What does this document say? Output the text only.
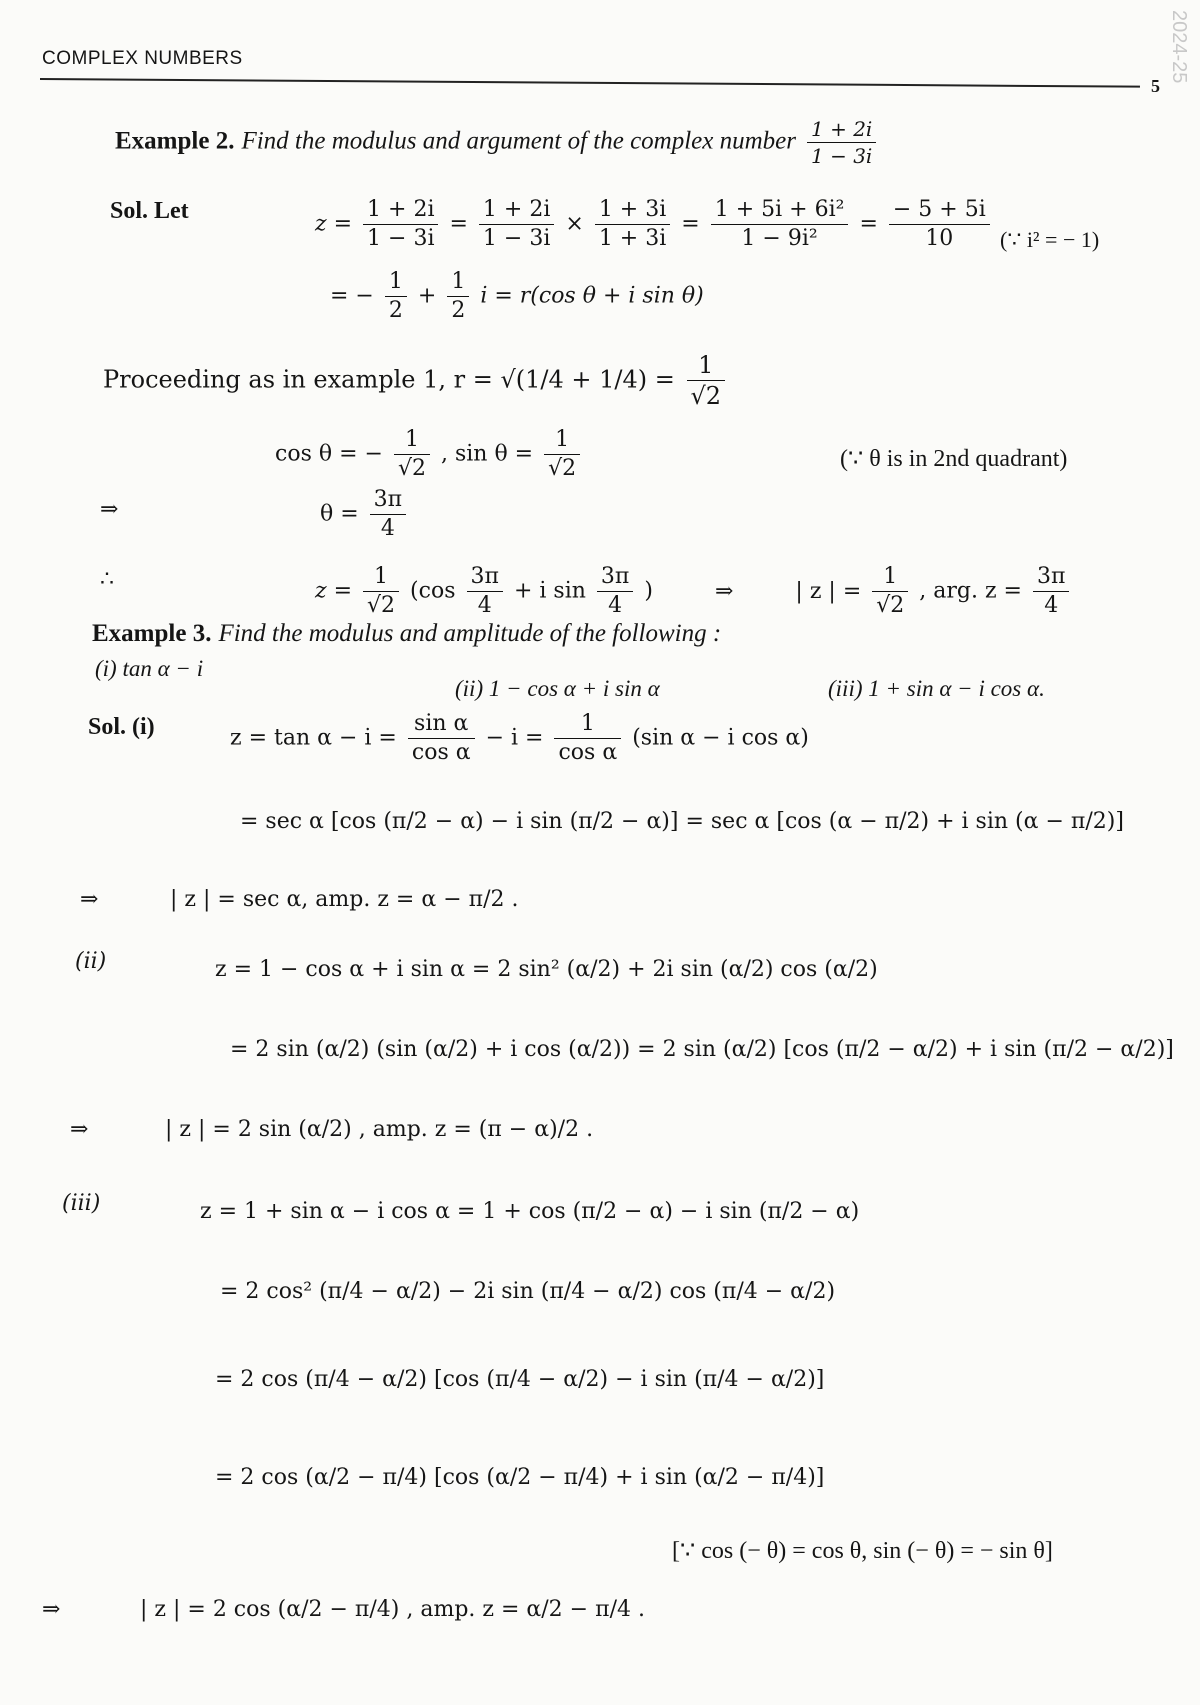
COMPLEX NUMBERS
5
2024-25
Example 2. Find the modulus and argument of the complex number $\frac{1 + 2i}{1 - 3i}$
Sol. Let
$z = \frac{1 + 2i}{1 - 3i} = \frac{1 + 2i}{1 - 3i} \times \frac{1 + 3i}{1 + 3i} = \frac{\text{1 + 5i + 6i²}}{\text{1 − 9i²}} = \frac{- 5 + 5i}{10}$ (∵ i² = − 1)
= − $\frac{1}{2} + \frac{1}{2}$ i = r(cos θ + i sin θ)
Proceeding as in example 1, $r = √(1/4 + 1/4) = \frac{1}{√2}$
cos θ = − $\frac{1}{√2}$ , $\sin \theta = \frac{1}{√2}$	(∵ θ is in 2nd quadrant)
⇒	$\theta = \frac{3\pi}{4}$
∴	$z = \frac{1}{√2} (\cos \frac{3\pi}{4} + i$ $\sin \frac{3\pi}{4}$ )	⇒	| z | = $\frac{1}{√2}$ , arg. $z = \frac{3\pi}{4}$
Example 3. Find the modulus and amplitude of the following :
(i) tan α − i
(ii) 1 − cos α + i sin α	(iii) 1 + sin α − i cos α.
Sol. (i)	$z = \tan \alpha - i = \frac{\text{sin α}}{\text{cos α}} - i = \frac{1}{\text{cos α}} (\sin$ α − i cos α)
= sec α [cos (π/2 − α) − i sin (π/2 − α)] = sec α [cos (α − π/2) + i sin (α − π/2)]
⇒	| z | = sec α, amp. z = α − π/2 .
(ii)	z = 1 − cos α + i sin α = 2 sin² (α/2) + 2i sin (α/2) cos (α/2)
= 2 sin (α/2) (sin (α/2) + i cos (α/2)) = 2 sin (α/2) [cos (π/2 − α/2) + i sin (π/2 − α/2)]
⇒	| z | = 2 sin (α/2) , amp. z = (π − α)/2 .
(iii)	z = 1 + sin α − i cos α = 1 + cos (π/2 − α) − i sin (π/2 − α)
= 2 cos² (π/4 − α/2) − 2i sin (π/4 − α/2) cos (π/4 − α/2)
= 2 cos (π/4 − α/2) [cos (π/4 − α/2) − i sin (π/4 − α/2)]
= 2 cos (α/2 − π/4) [cos (α/2 − π/4) + i sin (α/2 − π/4)]
[∵ cos (− θ) = cos θ, sin (− θ) = − sin θ]
⇒	| z | = 2 cos (α/2 − π/4) , amp. z = α/2 − π/4 .
